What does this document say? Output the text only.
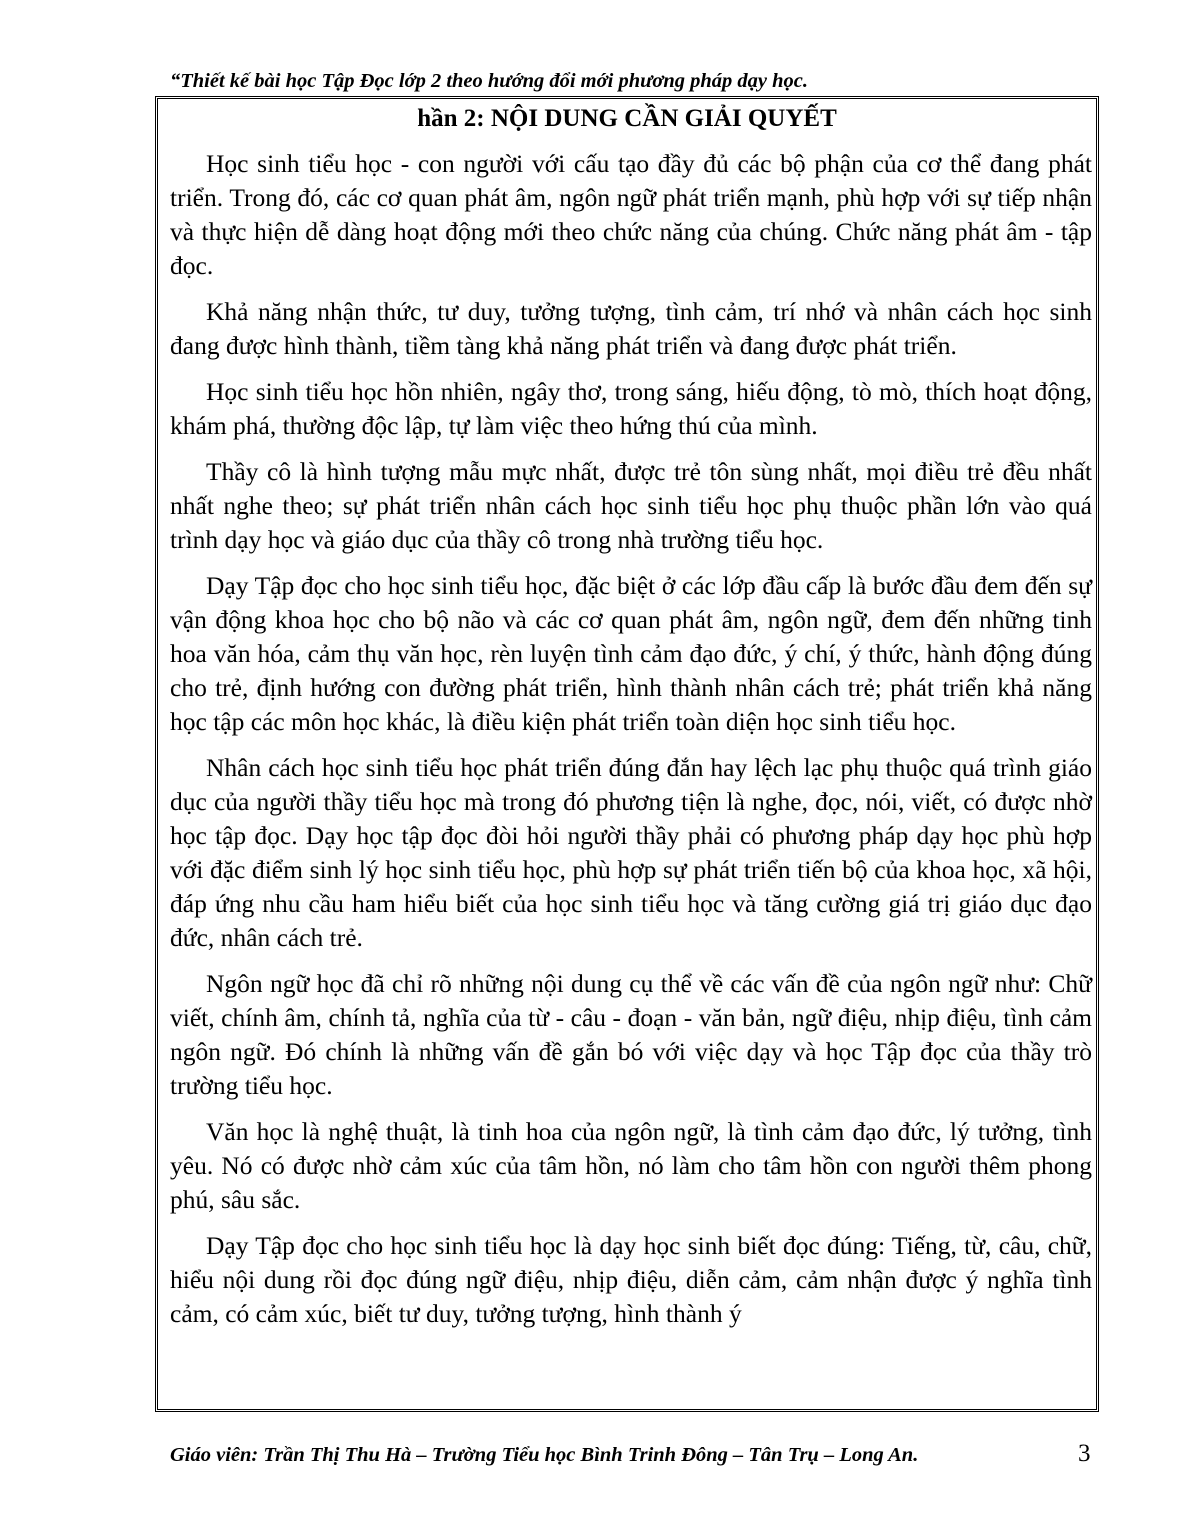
“Thiết kế bài học Tập Đọc lớp 2 theo hướng đổi mới phương pháp dạy học.
hần 2: NỘI DUNG CẦN GIẢI QUYẾT

Học sinh tiểu học - con người với cấu tạo đầy đủ các bộ phận của cơ thể đang phát triển. Trong đó, các cơ quan phát âm, ngôn ngữ phát triển mạnh, phù hợp với sự tiếp nhận và thực hiện dễ dàng hoạt động mới theo chức năng của chúng. Chức năng phát âm - tập đọc.

Khả năng nhận thức, tư duy, tưởng tượng, tình cảm, trí nhớ và nhân cách học sinh đang được hình thành, tiềm tàng khả năng phát triển và đang được phát triển.

Học sinh tiểu học hồn nhiên, ngây thơ, trong sáng, hiếu động, tò mò, thích hoạt động, khám phá, thường độc lập, tự làm việc theo hứng thú của mình.

Thầy cô là hình tượng mẫu mực nhất, được trẻ tôn sùng nhất, mọi điều trẻ đều nhất nhất nghe theo; sự phát triển nhân cách học sinh tiểu học phụ thuộc phần lớn vào quá trình dạy học và giáo dục của thầy cô trong nhà trường tiểu học.

Dạy Tập đọc cho học sinh tiểu học, đặc biệt ở các lớp đầu cấp là bước đầu đem đến sự vận động khoa học cho bộ não và các cơ quan phát âm, ngôn ngữ, đem đến những tinh hoa văn hóa, cảm thụ văn học, rèn luyện tình cảm đạo đức, ý chí, ý thức, hành động đúng cho trẻ, định hướng con đường phát triển, hình thành nhân cách trẻ; phát triển khả năng học tập các môn học khác, là điều kiện phát triển toàn diện học sinh tiểu học.

Nhân cách học sinh tiểu học phát triển đúng đắn hay lệch lạc phụ thuộc quá trình giáo dục của người thầy tiểu học mà trong đó phương tiện là nghe, đọc, nói, viết, có được nhờ học tập đọc. Dạy học tập đọc đòi hỏi người thầy phải có phương pháp dạy học phù hợp với đặc điểm sinh lý học sinh tiểu học, phù hợp sự phát triển tiến bộ của khoa học, xã hội, đáp ứng nhu cầu ham hiểu biết của học sinh tiểu học và tăng cường giá trị giáo dục đạo đức, nhân cách trẻ.

Ngôn ngữ học đã chỉ rõ những nội dung cụ thể về các vấn đề của ngôn ngữ như: Chữ viết, chính âm, chính tả, nghĩa của từ - câu - đoạn - văn bản, ngữ điệu, nhịp điệu, tình cảm ngôn ngữ. Đó chính là những vấn đề gắn bó với việc dạy và học Tập đọc của thầy trò trường tiểu học.

Văn học là nghệ thuật, là tinh hoa của ngôn ngữ, là tình cảm đạo đức, lý tưởng, tình yêu. Nó có được nhờ cảm xúc của tâm hồn, nó làm cho tâm hồn con người thêm phong phú, sâu sắc.

Dạy Tập đọc cho học sinh tiểu học là dạy học sinh biết đọc đúng: Tiếng, từ, câu, chữ, hiểu nội dung rồi đọc đúng ngữ điệu, nhịp điệu, diễn cảm, cảm nhận được ý nghĩa tình cảm, có cảm xúc, biết tư duy, tưởng tượng, hình thành ý

Giáo viên: Trần Thị Thu Hà – Trường Tiểu học Bình Trinh Đông – Tân Trụ – Long An.	3
